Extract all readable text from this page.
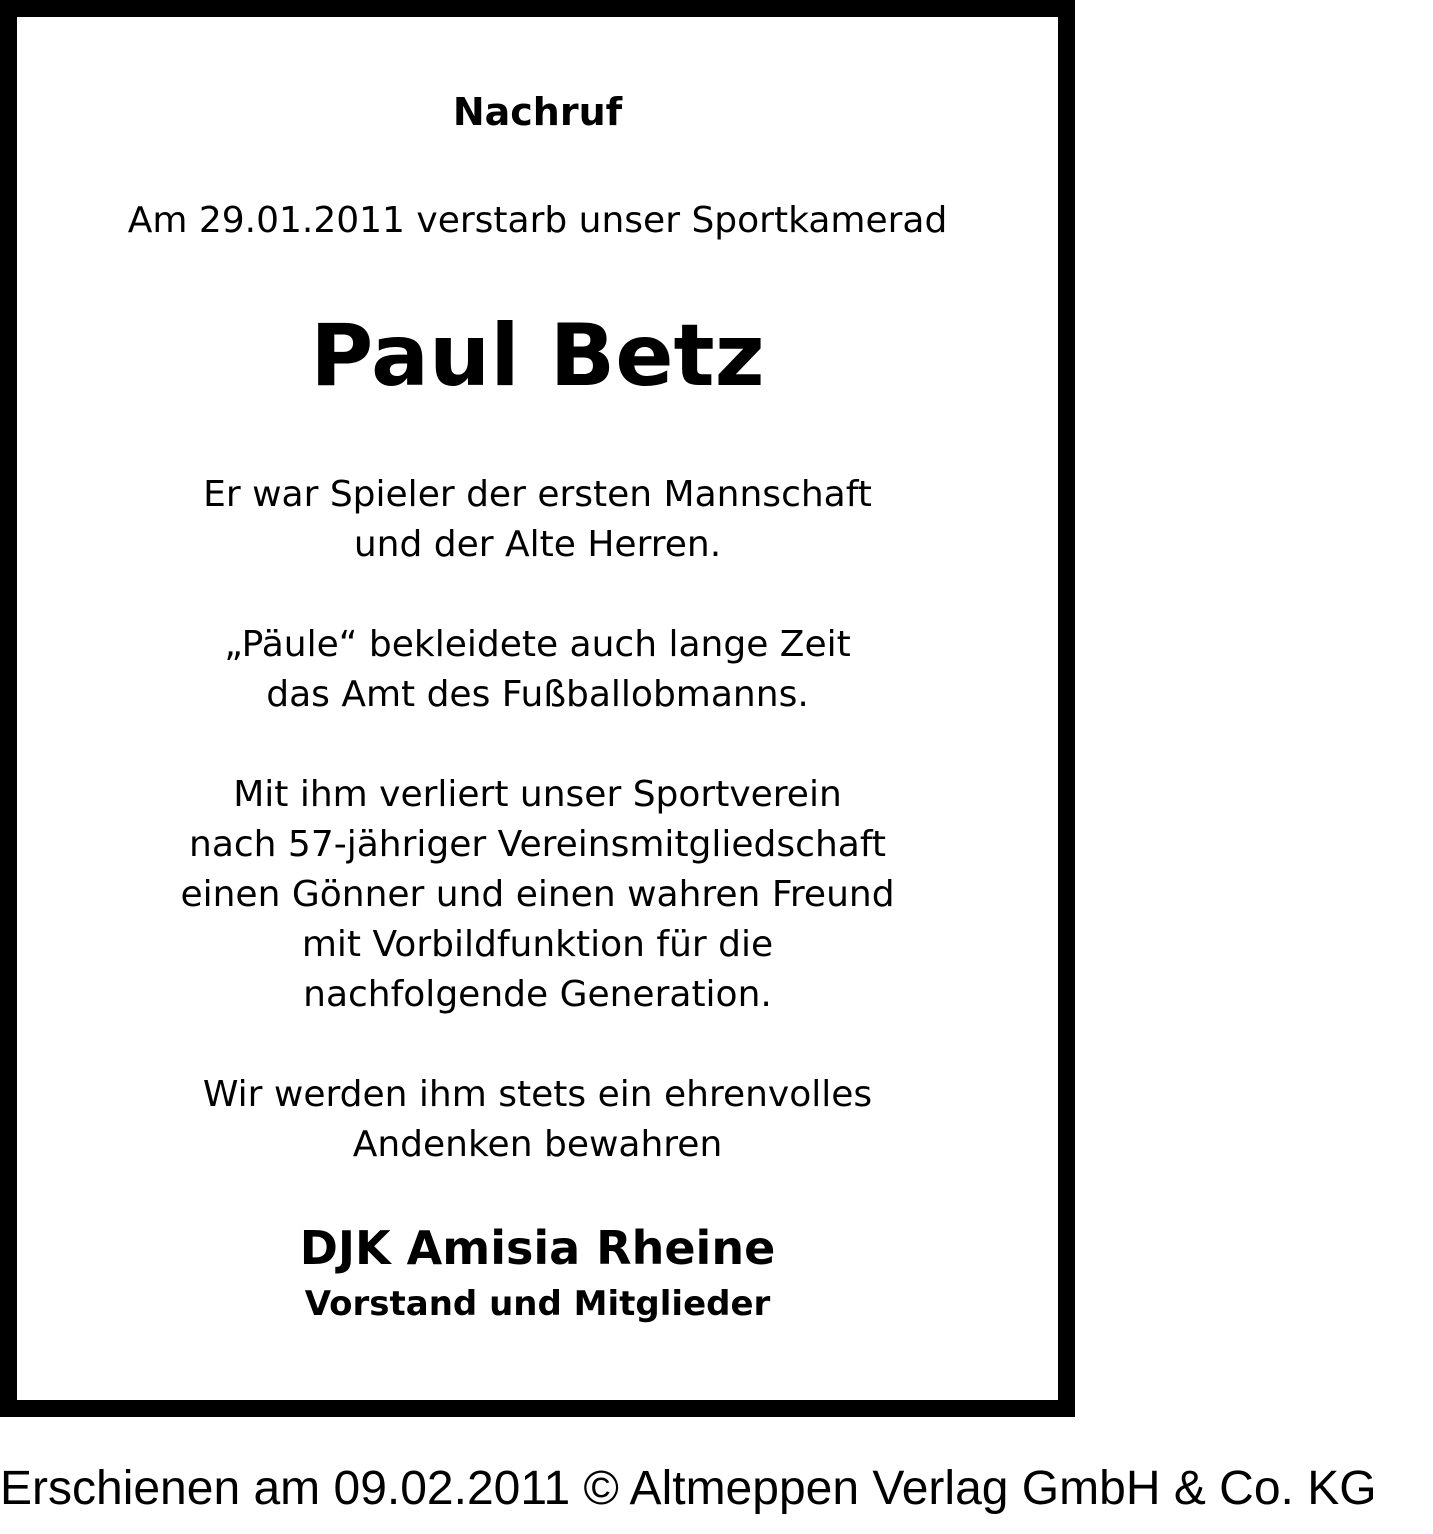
Nachruf
Am 29.01.2011 verstarb unser Sportkamerad
Paul Betz
Er war Spieler der ersten Mannschaft
und der Alte Herren.
„Päule“ bekleidete auch lange Zeit
das Amt des Fußballobmanns.
Mit ihm verliert unser Sportverein
nach 57-jähriger Vereinsmitgliedschaft
einen Gönner und einen wahren Freund
mit Vorbildfunktion für die
nachfolgende Generation.
Wir werden ihm stets ein ehrenvolles
Andenken bewahren
DJK Amisia Rheine
Vorstand und Mitglieder
Erschienen am 09.02.2011 © Altmeppen Verlag GmbH & Co. KG
